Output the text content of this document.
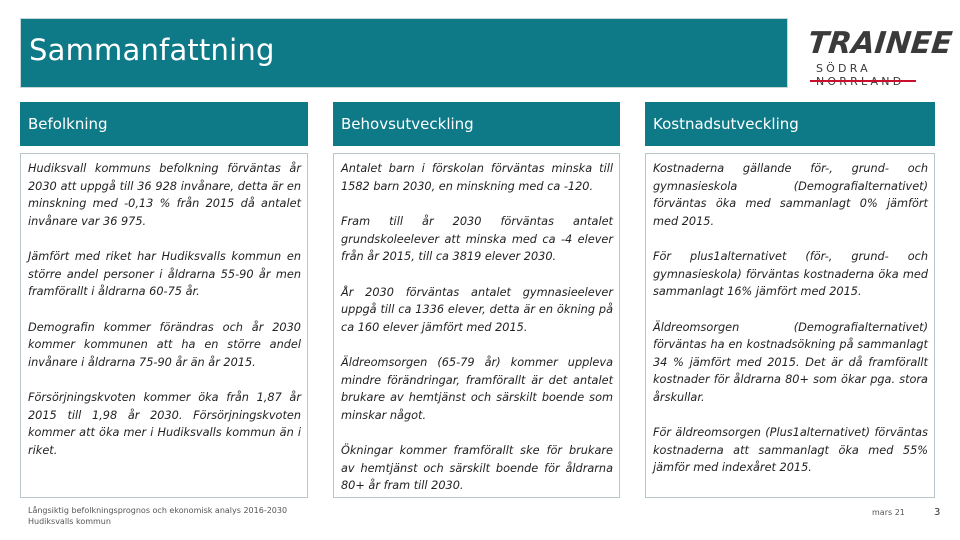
Sammanfattning	TRAINEE
SÖDRA
Befolkning	Behovsutveckling	Kostnadsutveckling

Hudiksvall kommuns befolkning förväntas år 2030 att uppgå till 36 928 invånare, detta är en minskning med -0,13 % från 2015 då antalet invånare var 36 975.

Jämfört med riket har Hudiksvalls kommun en större andel personer i åldrarna 55-90 år men framförallt i åldrarna 60-75 år.

Demografin kommer förändras och år 2030 kommer kommunen att ha en större andel invånare i åldrarna 75-90 år än år 2015.

Försörjningskvoten kommer öka från 1,87 år 2015 till 1,98 år 2030. Försörjningskvoten kommer att öka mer i Hudiksvalls kommun än i riket.

Antalet barn i förskolan förväntas minska till 1582 barn 2030, en minskning med ca -120.

Fram till år 2030 förväntas antalet grundskoleelever att minska med ca -4 elever från år 2015, till ca 3819 elever 2030.

År 2030 förväntas antalet gymnasieelever uppgå till ca 1336 elever, detta är en ökning på ca 160 elever jämfört med 2015.

Äldreomsorgen (65-79 år) kommer uppleva mindre förändringar, framförallt är det antalet brukare av hemtjänst och särskilt boende som minskar något.

Ökningar kommer framförallt ske för brukare av hemtjänst och särskilt boende för åldrarna 80+ år fram till 2030.

Kostnaderna gällande för-, grund- och gymnasieskola (Demografialternativet) förväntas öka med sammanlagt 0% jämfört med 2015.

För plus1alternativet (för-, grund- och gymnasieskola) förväntas kostnaderna öka med sammanlagt 16% jämfört med 2015.

Äldreomsorgen (Demografialternativet) förväntas ha en kostnadsökning på sammanlagt 34 % jämfört med 2015. Det är då framförallt kostnader för åldrarna 80+ som ökar pga. stora årskullar.

För äldreomsorgen (Plus1alternativet) förväntas kostnaderna att sammanlagt öka med 55% jämför med indexåret 2015.

Långsiktig befolkningsprognos och ekonomisk analys 2016-2030
Hudiksvalls kommun
mars 21	3
